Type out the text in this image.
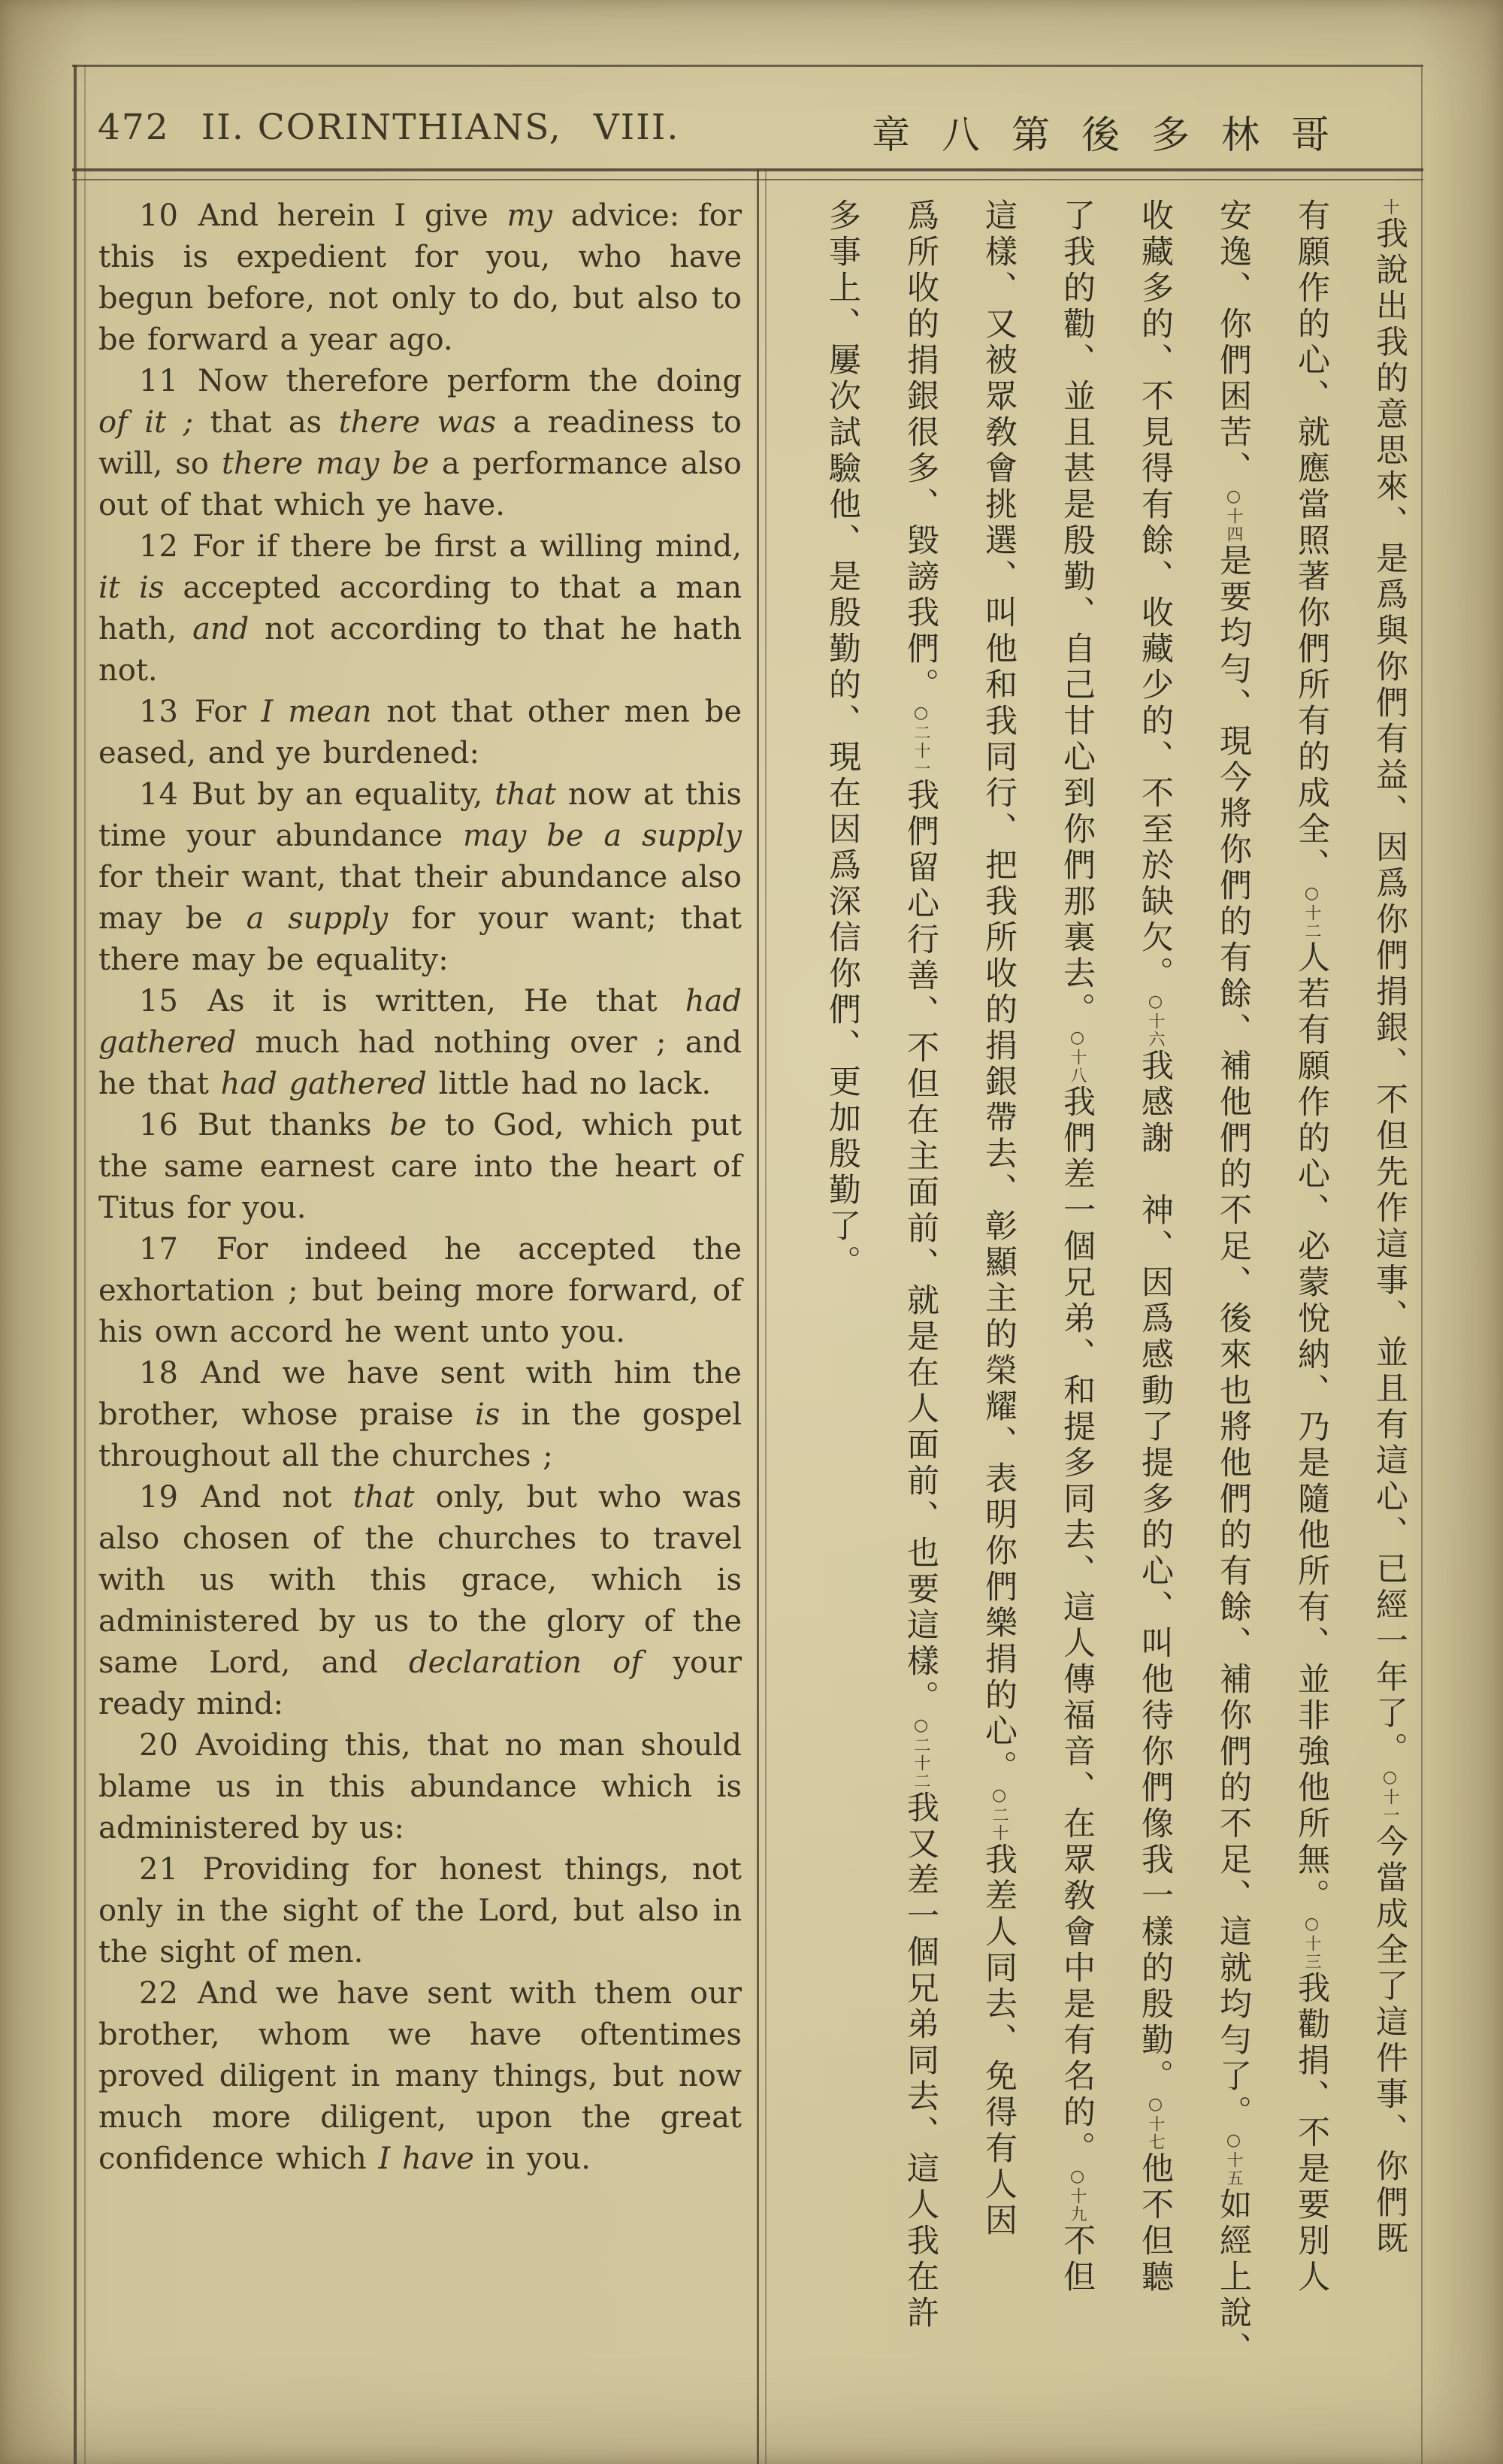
472 II. CORINTHIANS, VIII.	章八第後多林哥

10 And herein I give my advice: for this is expedient for you, who have begun before, not only to do, but also to be forward a year ago.

11 Now therefore perform the doing of it ; that as there was a readiness to will, so there may be a performance also out of that which ye have.

12 For if there be first a willing mind, it is accepted according to that a man hath, and not according to that he hath not.

13 For I mean not that other men be eased, and ye burdened:

14 But by an equality, that now at this time your abundance may be a supply for their want, that their abundance also may be a supply for your want; that there may be equality:

15 As it is written, He that had gathered much had nothing over ; and he that had gathered little had no lack.

16 But thanks be to God, which put the same earnest care into the heart of Titus for you.

17 For indeed he accepted the exhortation ; but being more forward, of his own accord he went unto you.

18 And we have sent with him the brother, whose praise is in the gospel throughout all the churches ;

19 And not that only, but who was also chosen of the churches to travel with us with this grace, which is administered by us to the glory of the same Lord, and declaration of your ready mind:

20 Avoiding this, that no man should blame us in this abundance which is administered by us:

21 Providing for honest things, not only in the sight of the Lord, but also in the sight of men.

22 And we have sent with them our brother, whom we have oftentimes proved diligent in many things, but now much more diligent, upon the great confidence which I have in you.

十我說出我的意思來、是爲與你們有益、因爲你們捐銀、不但先作這事、並且有這心、已經一年了。○十一今當成全了這件事、你們既
有願作的心、就應當照著你們所有的成全、○十二人若有願作的心、必蒙悅納、乃是隨他所有、並非強他所無。○十三我勸捐、不是要別人
安逸、你們困苦、○十四是要均勻、現今將你們的有餘、補他們的不足、後來也將他們的有餘、補你們的不足、這就均勻了。○十五如經上說、
收藏多的、不見得有餘、收藏少的、不至於缺欠。○十六我感謝　神、因爲感動了提多的心、叫他待你們像我一樣的殷勤。○十七他不但聽
了我的勸、並且甚是殷勤、自己甘心到你們那裏去。○十八我們差一個兄弟、和提多同去、這人傳福音、在眾敎會中是有名的。○十九不但
這樣、又被眾敎會挑選、叫他和我同行、把我所收的捐銀帶去、彰顯主的榮耀、表明你們樂捐的心。○二十我差人同去、免得有人因
爲所收的捐銀很多、毀謗我們。○二十一我們留心行善、不但在主面前、就是在人面前、也要這樣。○二十二我又差一個兄弟同去、這人我在許
多事上、屢次試驗他、是殷勤的、現在因爲深信你們、更加殷勤了。
